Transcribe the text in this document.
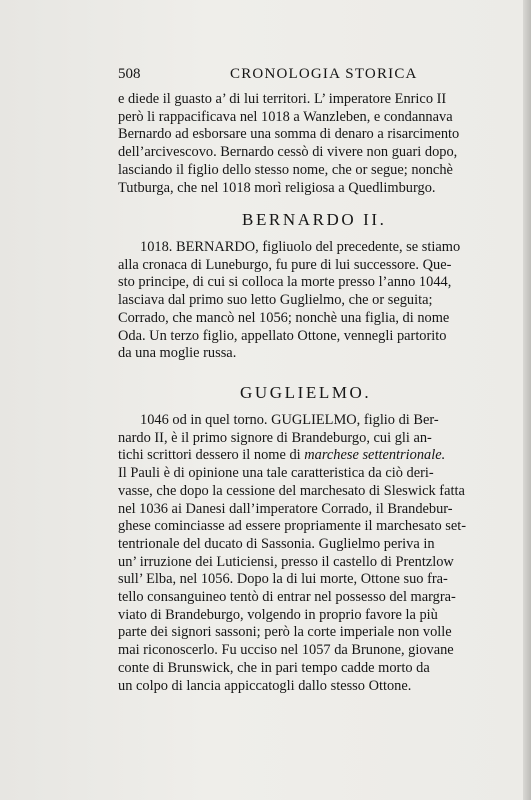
508	CRONOLOGIA STORICA

e diede il guasto a’ di lui territori. L’ imperatore Enrico II

però li rappacificava nel 1018 a Wanzleben, e condannava

Bernardo ad esborsare una somma di denaro a risarcimento

dell’arcivescovo. Bernardo cessò di vivere non guari dopo,

lasciando il figlio dello stesso nome, che or segue; nonchè

Tutburga, che nel 1018 morì religiosa a Quedlimburgo.

BERNARDO II.

1018. BERNARDO, figliuolo del precedente, se stiamo

alla cronaca di Luneburgo, fu pure di lui successore. Que-

sto principe, di cui si colloca la morte presso l’anno 1044,

lasciava dal primo suo letto Guglielmo, che or seguita;

Corrado, che mancò nel 1056; nonchè una figlia, di nome

Oda. Un terzo figlio, appellato Ottone, vennegli partorito

da una moglie russa.

GUGLIELMO.

1046 od in quel torno. GUGLIELMO, figlio di Ber-

nardo II, è il primo signore di Brandeburgo, cui gli an-

tichi scrittori dessero il nome di marchese settentrionale.

Il Pauli è di opinione una tale caratteristica da ciò deri-

vasse, che dopo la cessione del marchesato di Sleswick fatta

nel 1036 ai Danesi dall’imperatore Corrado, il Brandebur-

ghese cominciasse ad essere propriamente il marchesato set-

tentrionale del ducato di Sassonia. Guglielmo periva in

un’ irruzione dei Luticiensi, presso il castello di Prentzlow

sull’ Elba, nel 1056. Dopo la di lui morte, Ottone suo fra-

tello consanguineo tentò di entrar nel possesso del margra-

viato di Brandeburgo, volgendo in proprio favore la più

parte dei signori sassoni; però la corte imperiale non volle

mai riconoscerlo. Fu ucciso nel 1057 da Brunone, giovane

conte di Brunswick, che in pari tempo cadde morto da

un colpo di lancia appiccatogli dallo stesso Ottone.
